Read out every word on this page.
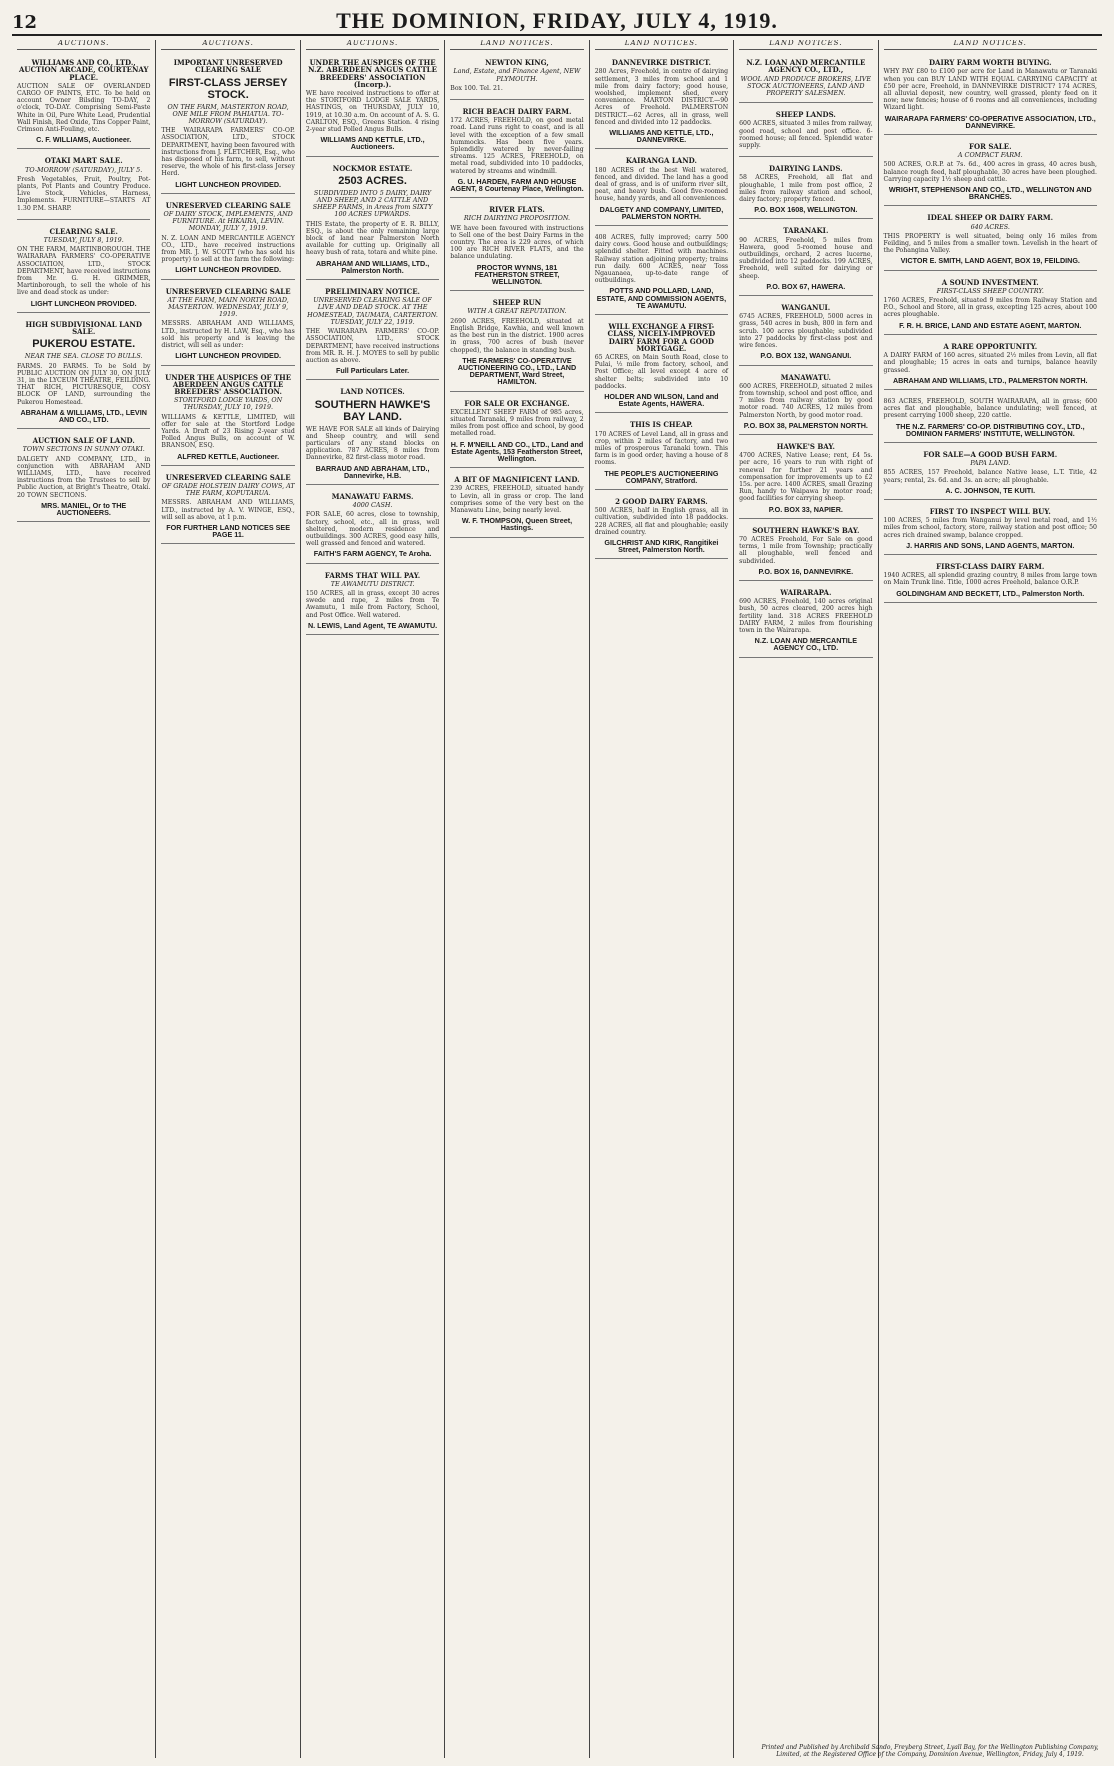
12	THE DOMINION, FRIDAY, JULY 4, 1919.
AUCTIONS.
WILLIAMS AND CO., LTD., AUCTION ARCADE, COURTENAY PLACE.

AUCTION SALE OF OVERLANDED CARGO OF PAINTS, ETC. To be held on account Owner Bilsding TO-DAY, 2 o'clock, TO-DAY. Comprising Semi-Paste White in Oil, Pure White Lead, Prudential Wall Finish, Red Oxide, Tins Copper Paint, Crimson Anti-Fouling, etc.

C. F. WILLIAMS, Auctioneer.
OTAKI MART SALE.
TO-MORROW (SATURDAY), JULY 5.

Fresh Vegetables, Fruit, Poultry, Pot-plants, Pot Plants and Country Produce. Live Stock, Vehicles, Harness, Implements. FURNITURE—STARTS AT 1.30 P.M. SHARP.

CLEARING SALE.
TUESDAY, JULY 8, 1919.

ON THE FARM, MARTINBOROUGH. THE WAIRARAPA FARMERS' CO-OPERATIVE ASSOCIATION, LTD., STOCK DEPARTMENT, have received instructions from Mr. G. H. GRIMMER, Martinborough, to sell the whole of his live and dead stock as under:

LIGHT LUNCHEON PROVIDED.
HIGH SUBDIVISIONAL LAND SALE.
PUKEROU ESTATE.
NEAR THE SEA. CLOSE TO BULLS.

FARMS. 20 FARMS. To be Sold by PUBLIC AUCTION ON JULY 30, ON JULY 31, in the LYCEUM THEATRE, FEILDING. THAT RICH, PICTURESQUE, COSY BLOCK OF LAND, surrounding the Pukerou Homestead.

ABRAHAM & WILLIAMS, LTD., LEVIN AND CO., LTD.
AUCTION SALE OF LAND.
TOWN SECTIONS IN SUNNY OTAKI.

DALGETY AND COMPANY, LTD., in conjunction with ABRAHAM AND WILLIAMS, LTD., have received instructions from the Trustees to sell by Public Auction, at Bright's Theatre, Otaki. 20 TOWN SECTIONS.

MRS. MANIEL, Or to THE AUCTIONEERS.
AUCTIONS.
IMPORTANT UNRESERVED CLEARING SALE
FIRST-CLASS JERSEY STOCK.
ON THE FARM, MASTERTON ROAD, ONE MILE FROM PAHIATUA. TO-MORROW (SATURDAY).

THE WAIRARAPA FARMERS' CO-OP. ASSOCIATION, LTD., STOCK DEPARTMENT, having been favoured with instructions from J. FLETCHER, Esq., who has disposed of his farm, to sell, without reserve, the whole of his first-class Jersey Herd.

LIGHT LUNCHEON PROVIDED.
UNRESERVED CLEARING SALE
OF DAIRY STOCK, IMPLEMENTS, AND FURNITURE. At HIKAIRA, LEVIN. MONDAY, JULY 7, 1919.

N. Z. LOAN AND MERCANTILE AGENCY CO., LTD., have received instructions from MR. J. W. SCOTT (who has sold his property) to sell at the farm the following:

LIGHT LUNCHEON PROVIDED.
UNRESERVED CLEARING SALE
AT THE FARM, MAIN NORTH ROAD, MASTERTON. WEDNESDAY, JULY 9, 1919.

MESSRS. ABRAHAM AND WILLIAMS, LTD., instructed by H. LAW, Esq., who has sold his property and is leaving the district, will sell as under:

LIGHT LUNCHEON PROVIDED.
UNDER THE AUSPICES OF THE ABERDEEN ANGUS CATTLE BREEDERS' ASSOCIATION.
STORTFORD LODGE YARDS, ON THURSDAY, JULY 10, 1919.

WILLIAMS & KETTLE, LIMITED, will offer for sale at the Stortford Lodge Yards. A Draft of 23 Rising 2-year stud Polled Angus Bulls, on account of W. BRANSON, ESQ.

ALFRED KETTLE, Auctioneer.
UNRESERVED CLEARING SALE
OF GRADE HOLSTEIN DAIRY COWS, AT THE FARM, KOPUTARUA.

MESSRS. ABRAHAM AND WILLIAMS, LTD., instructed by A. V. WINGE, ESQ., will sell as above, at 1 p.m.

FOR FURTHER LAND NOTICES SEE PAGE 11.
AUCTIONS.
UNDER THE AUSPICES OF THE N.Z. ABERDEEN ANGUS CATTLE BREEDERS' ASSOCIATION (Incorp.).

WE have received instructions to offer at the STORTFORD LODGE SALE YARDS, HASTINGS, on THURSDAY, JULY 10, 1919, at 10.30 a.m. On account of A. S. G. CARLTON, ESQ., Greens Station. 4 rising 2-year stud Polled Angus Bulls.

WILLIAMS AND KETTLE, LTD., Auctioneers.
NOCKMOR ESTATE.
2503 ACRES.
SUBDIVIDED INTO 5 DAIRY, DAIRY AND SHEEP, AND 2 CATTLE AND SHEEP FARMS, in Areas from SIXTY 100 ACRES UPWARDS.

THIS Estate, the property of E. R. BILLY, ESQ., is about the only remaining large block of land near Palmerston North available for cutting up. Originally all heavy bush of rata, totara and white pine.

ABRAHAM AND WILLIAMS, LTD., Palmerston North.
PRELIMINARY NOTICE.
UNRESERVED CLEARING SALE OF LIVE AND DEAD STOCK. AT THE HOMESTEAD, TAUMATA, CARTERTON. TUESDAY, JULY 22, 1919.

THE WAIRARAPA FARMERS' CO-OP. ASSOCIATION, LTD., STOCK DEPARTMENT, have received instructions from MR. R. H. J. MOYES to sell by public auction as above.

Full Particulars Later.
LAND NOTICES.
SOUTHERN HAWKE'S BAY LAND.

WE HAVE FOR SALE all kinds of Dairying and Sheep country, and will send particulars of any stand blocks on application. 787 ACRES, 8 miles from Dannevirke, 82 first-class motor road.

BARRAUD AND ABRAHAM, LTD., Dannevirke, H.B.
MANAWATU FARMS.
4000 CASH.

FOR SALE, 60 acres, close to township, factory, school, etc., all in grass, well sheltered, modern residence and outbuildings. 300 ACRES, good easy hills, well grassed and fenced and watered.

FAITH'S FARM AGENCY, Te Aroha.
FARMS THAT WILL PAY.
TE AWAMUTU DISTRICT.

150 ACRES, all in grass, except 30 acres swede and rape, 2 miles from Te Awamutu, 1 mile from Factory, School, and Post Office. Well watered.

N. LEWIS, Land Agent, TE AWAMUTU.
LAND NOTICES.
NEWTON KING,
Land, Estate, and Finance Agent, NEW PLYMOUTH.

Box 100. Tel. 21.

RICH BEACH DAIRY FARM.

172 ACRES, FREEHOLD, on good metal road. Land runs right to coast, and is all level with the exception of a few small hummocks. Has been five years. Splendidly watered by never-failing streams. 125 ACRES, FREEHOLD, on metal road, subdivided into 10 paddocks, watered by streams and windmill.

G. U. HARDEN, FARM AND HOUSE AGENT, 8 Courtenay Place, Wellington.
RIVER FLATS.
RICH DAIRYING PROPOSITION.

WE have been favoured with instructions to Sell one of the best Dairy Farms in the country. The area is 229 acres, of which 100 are RICH RIVER FLATS, and the balance undulating.

PROCTOR WYNNS, 181 FEATHERSTON STREET, WELLINGTON.
SHEEP RUN
WITH A GREAT REPUTATION.

2690 ACRES, FREEHOLD, situated at English Bridge, Kawhia, and well known as the best run in the district. 1900 acres in grass, 700 acres of bush (never chopped), the balance in standing bush.

THE FARMERS' CO-OPERATIVE AUCTIONEERING CO., LTD., LAND DEPARTMENT, Ward Street, HAMILTON.
FOR SALE OR EXCHANGE.

EXCELLENT SHEEP FARM of 985 acres, situated Taranaki, 9 miles from railway, 2 miles from post office and school, by good metalled road.

H. F. M'NEILL AND CO., LTD., Land and Estate Agents, 153 Featherston Street, Wellington.
A BIT OF MAGNIFICENT LAND.

239 ACRES, FREEHOLD, situated handy to Levin, all in grass or crop. The land comprises some of the very best on the Manawatu Line, being nearly level.

W. F. THOMPSON, Queen Street, Hastings.
LAND NOTICES.
DANNEVIRKE DISTRICT.

280 Acres, Freehold, in centre of dairying settlement, 3 miles from school and 1 mile from dairy factory; good house, woolshed, implement shed, every convenience. MARTON DISTRICT.—90 Acres of Freehold. PALMERSTON DISTRICT.—62 Acres, all in grass, well fenced and divided into 12 paddocks.

WILLIAMS AND KETTLE, LTD., DANNEVIRKE.
KAIRANGA LAND.

180 ACRES of the best Well watered, fenced, and divided. The land has a good deal of grass, and is of uniform river silt, peat, and heavy bush. Good five-roomed house, handy yards, and all conveniences.

DALGETY AND COMPANY, LIMITED, PALMERSTON NORTH.

408 ACRES, fully improved; carry 500 dairy cows. Good house and outbuildings; splendid shelter. Fitted with machines. Railway station adjoining property; trains run daily. 600 ACRES, near Toss Ngauanaea, up-to-date range of outbuildings.

POTTS AND POLLARD, LAND, ESTATE, AND COMMISSION AGENTS, TE AWAMUTU.
WILL EXCHANGE A FIRST-CLASS, NICELY-IMPROVED DAIRY FARM FOR A GOOD MORTGAGE.

65 ACRES, on Main South Road, close to Pulai, ½ mile from factory, school, and Post Office; all level except 4 acre of shelter belts; subdivided into 10 paddocks.

HOLDER AND WILSON, Land and Estate Agents, HAWERA.
THIS IS CHEAP.

170 ACRES of Level Land, all in grass and crop, within 2 miles of factory, and two miles of prosperous Taranaki town. This farm is in good order, having a house of 8 rooms.

THE PEOPLE'S AUCTIONEERING COMPANY, Stratford.
2 GOOD DAIRY FARMS.

500 ACRES, half in English grass, all in cultivation, subdivided into 18 paddocks. 228 ACRES, all flat and ploughable; easily drained country.

GILCHRIST AND KIRK, Rangitikei Street, Palmerston North.
LAND NOTICES.
N.Z. LOAN AND MERCANTILE AGENCY CO., LTD.,
WOOL AND PRODUCE BROKERS, LIVE STOCK AUCTIONEERS, LAND AND PROPERTY SALESMEN.
SHEEP LANDS.

600 ACRES, situated 3 miles from railway, good road, school and post office. 6-roomed house; all fenced. Splendid water supply.

DAIRYING LANDS.

58 ACRES, Freehold, all flat and ploughable, 1 mile from post office, 2 miles from railway station and school, dairy factory; property fenced.

P.O. BOX 1608, WELLINGTON.
TARANAKI.

90 ACRES, Freehold, 5 miles from Hawera, good 5-roomed house and outbuildings, orchard, 2 acres lucerne, subdivided into 12 paddocks. 199 ACRES, Freehold, well suited for dairying or sheep.

P.O. BOX 67, HAWERA.
WANGANUI.

6745 ACRES, FREEHOLD, 5000 acres in grass, 540 acres in bush, 800 in fern and scrub. 100 acres ploughable; subdivided into 27 paddocks by first-class post and wire fences.

P.O. BOX 132, WANGANUI.
MANAWATU.

600 ACRES, FREEHOLD, situated 2 miles from township, school and post office, and 7 miles from railway station by good motor road. 740 ACRES, 12 miles from Palmerston North, by good motor road.

P.O. BOX 38, PALMERSTON NORTH.
HAWKE'S BAY.

4700 ACRES, Native Lease; rent, £4 5s. per acre, 16 years to run with right of renewal for further 21 years and compensation for improvements up to £2 15s. per acre. 1400 ACRES, small Grazing Run, handy to Waipawa by motor road; good facilities for carrying sheep.

P.O. BOX 33, NAPIER.
SOUTHERN HAWKE'S BAY.

70 ACRES Freehold, For Sale on good terms, 1 mile from Township; practically all ploughable, well fenced and subdivided.

P.O. BOX 16, DANNEVIRKE.
WAIRARAPA.

690 ACRES, Freehold, 140 acres original bush, 50 acres cleared, 200 acres high fertility land. 318 ACRES FREEHOLD DAIRY FARM, 2 miles from flourishing town in the Wairarapa.

N.Z. LOAN AND MERCANTILE AGENCY CO., LTD.
LAND NOTICES.
DAIRY FARM WORTH BUYING.

WHY PAY £80 to £100 per acre for Land in Manawatu or Taranaki when you can BUY LAND WITH EQUAL CARRYING CAPACITY at £50 per acre, Freehold, in DANNEVIRKE DISTRICT? 174 ACRES, all alluvial deposit, new country, well grassed, plenty feed on it now; new fences; house of 6 rooms and all conveniences, including Wizard light.

WAIRARAPA FARMERS' CO-OPERATIVE ASSOCIATION, LTD., DANNEVIRKE.
FOR SALE.
A COMPACT FARM.

500 ACRES, O.R.P. at 7s. 6d., 400 acres in grass, 40 acres bush, balance rough feed, half ploughable, 30 acres have been ploughed. Carrying capacity 1½ sheep and cattle.

WRIGHT, STEPHENSON AND CO., LTD., WELLINGTON AND BRANCHES.
IDEAL SHEEP OR DAIRY FARM.
640 ACRES.

THIS PROPERTY is well situated, being only 16 miles from Feilding, and 5 miles from a smaller town. Levelish in the heart of the Pohangina Valley.

VICTOR E. SMITH, LAND AGENT, BOX 19, FEILDING.
A SOUND INVESTMENT.
FIRST-CLASS SHEEP COUNTRY.

1760 ACRES, Freehold, situated 9 miles from Railway Station and P.O., School and Store, all in grass, excepting 125 acres, about 100 acres ploughable.

F. R. H. BRICE, LAND AND ESTATE AGENT, MARTON.
A RARE OPPORTUNITY.

A DAIRY FARM of 160 acres, situated 2½ miles from Levin, all flat and ploughable; 15 acres in oats and turnips, balance heavily grassed.

ABRAHAM AND WILLIAMS, LTD., PALMERSTON NORTH.

863 ACRES, FREEHOLD, SOUTH WAIRARAPA, all in grass; 600 acres flat and ploughable, balance undulating; well fenced, at present carrying 1000 sheep, 220 cattle.

THE N.Z. FARMERS' CO-OP. DISTRIBUTING COY., LTD., DOMINION FARMERS' INSTITUTE, WELLINGTON.
FOR SALE—A GOOD BUSH FARM.
PAPA LAND.

855 ACRES, 157 Freehold, balance Native lease, L.T. Title, 42 years; rental, 2s. 6d. and 3s. an acre; all ploughable.

A. C. JOHNSON, TE KUITI.
FIRST TO INSPECT WILL BUY.

100 ACRES, 5 miles from Wanganui by level metal road, and 1½ miles from school, factory, store, railway station and post office; 50 acres rich drained swamp, balance cropped.

J. HARRIS AND SONS, LAND AGENTS, MARTON.
FIRST-CLASS DAIRY FARM.

1940 ACRES, all splendid grazing country, 8 miles from large town on Main Trunk line. Title, 1000 acres Freehold, balance O.R.P.

GOLDINGHAM AND BECKETT, LTD., Palmerston North.
Printed and Published by Archibald Sando, Freyberg Street, Lyall Bay, for the Wellington Publishing Company, Limited, at the Registered Office of the Company, Dominion Avenue, Wellington, Friday, July 4, 1919.
